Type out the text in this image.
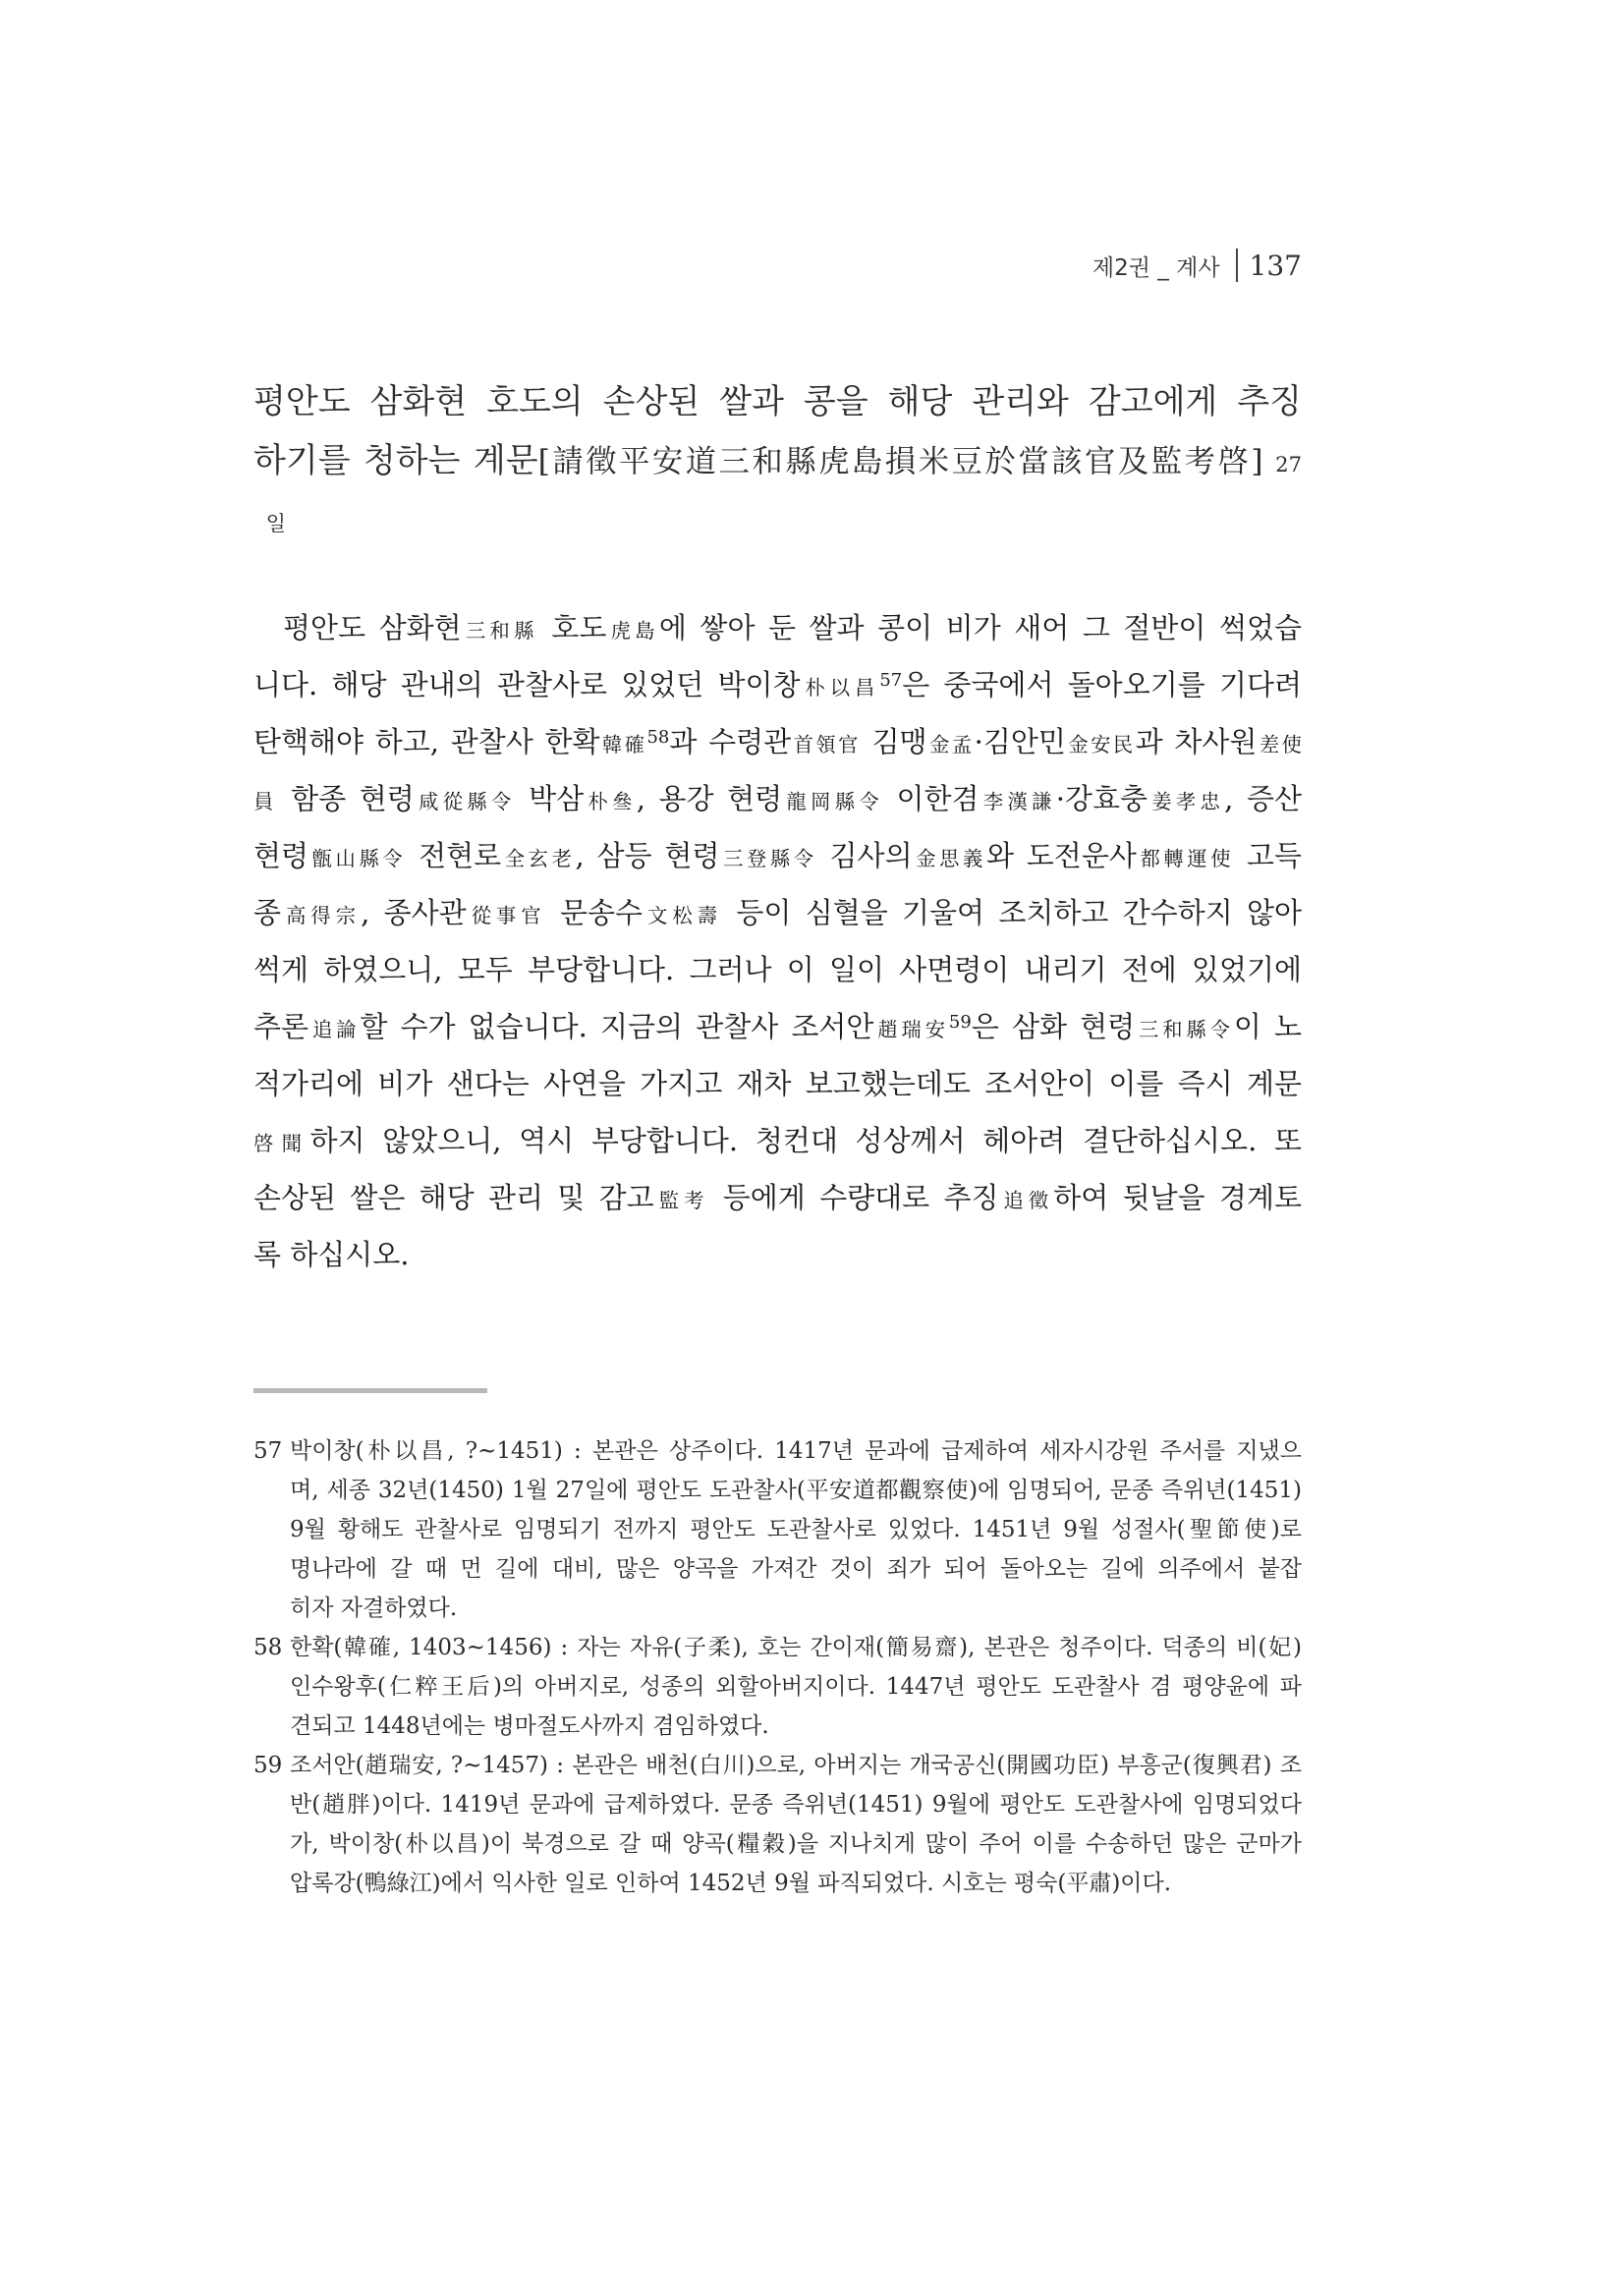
제2권 _ 계사 137
평안도 삼화현 호도의 손상된 쌀과 콩을 해당 관리와 감고에게 추징
하기를 청하는 계문[請徵平安道三和縣虎島損米豆於當該官及監考啓] 27
일
평안도 삼화현三和縣 호도虎島에 쌓아 둔 쌀과 콩이 비가 새어 그 절반이 썩었습
니다. 해당 관내의 관찰사로 있었던 박이창朴以昌$^{57}$은 중국에서 돌아오기를 기다려
탄핵해야 하고, 관찰사 한확韓確$^{58}$과 수령관首領官 김맹金孟·김안민金安民과 차사원差使
員 함종 현령咸從縣令 박삼朴叄, 용강 현령龍岡縣令 이한겸李漢謙·강효충姜孝忠, 증산
현령甑山縣令 전현로全玄老, 삼등 현령三登縣令 김사의金思義와 도전운사都轉運使 고득
종高得宗, 종사관從事官 문송수文松壽 등이 심혈을 기울여 조치하고 간수하지 않아
썩게 하였으니, 모두 부당합니다. 그러나 이 일이 사면령이 내리기 전에 있었기에
추론追論할 수가 없습니다. 지금의 관찰사 조서안趙瑞安$^{59}$은 삼화 현령三和縣令이 노
적가리에 비가 샌다는 사연을 가지고 재차 보고했는데도 조서안이 이를 즉시 계문
啓聞하지 않았으니, 역시 부당합니다. 청컨대 성상께서 헤아려 결단하십시오. 또
손상된 쌀은 해당 관리 및 감고監考 등에게 수량대로 추징追徵하여 뒷날을 경계토
록 하십시오.
57 박이창(朴以昌, ?~1451) : 본관은 상주이다. 1417년 문과에 급제하여 세자시강원 주서를 지냈으
며, 세종 32년(1450) 1월 27일에 평안도 도관찰사(平安道都觀察使)에 임명되어, 문종 즉위년(1451)
9월 황해도 관찰사로 임명되기 전까지 평안도 도관찰사로 있었다. 1451년 9월 성절사(聖節使)로
명나라에 갈 때 먼 길에 대비, 많은 양곡을 가져간 것이 죄가 되어 돌아오는 길에 의주에서 붙잡
히자 자결하였다.
58 한확(韓確, 1403~1456) : 자는 자유(子柔), 호는 간이재(簡易齋), 본관은 청주이다. 덕종의 비(妃)
인수왕후(仁粹王后)의 아버지로, 성종의 외할아버지이다. 1447년 평안도 도관찰사 겸 평양윤에 파
견되고 1448년에는 병마절도사까지 겸임하였다.
59 조서안(趙瑞安, ?~1457) : 본관은 배천(白川)으로, 아버지는 개국공신(開國功臣) 부흥군(復興君) 조
반(趙胖)이다. 1419년 문과에 급제하였다. 문종 즉위년(1451) 9월에 평안도 도관찰사에 임명되었다
가, 박이창(朴以昌)이 북경으로 갈 때 양곡(糧穀)을 지나치게 많이 주어 이를 수송하던 많은 군마가
압록강(鴨綠江)에서 익사한 일로 인하여 1452년 9월 파직되었다. 시호는 평숙(平肅)이다.
